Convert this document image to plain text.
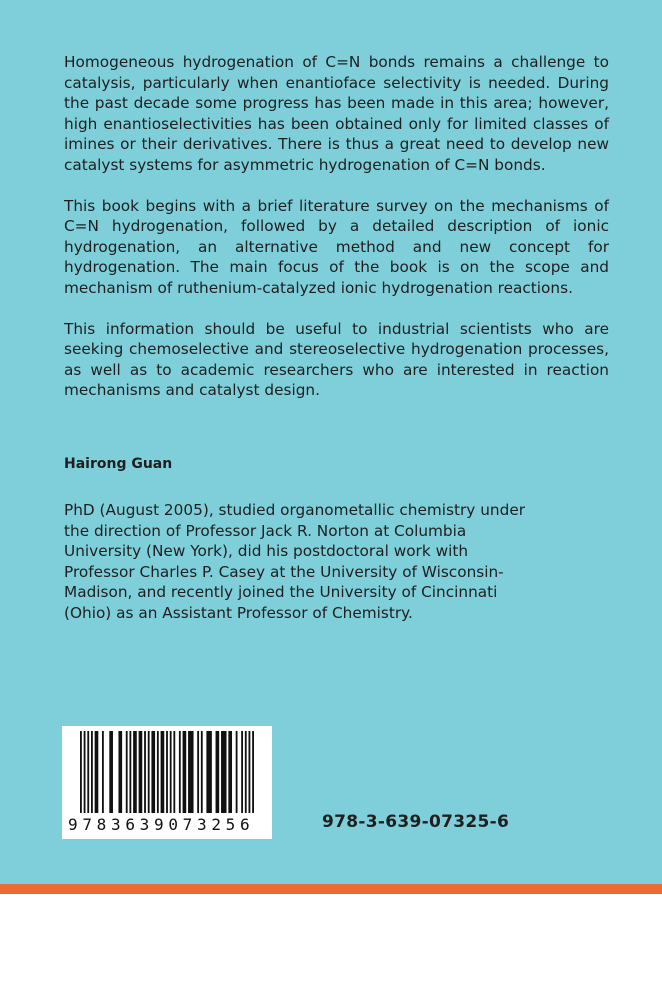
Homogeneous hydrogenation of C=N bonds remains a challenge to catalysis, particularly when enantioface selectivity is needed. During the past decade some progress has been made in this area; however, high enantioselectivities has been obtained only for limited classes of imines or their derivatives. There is thus a great need to develop new catalyst systems for asymmetric hydrogenation of C=N bonds.

This book begins with a brief literature survey on the mechanisms of C=N hydrogenation, followed by a detailed description of ionic hydrogenation, an alternative method and new concept for hydrogenation. The main focus of the book is on the scope and mechanism of ruthenium-catalyzed ionic hydrogenation reactions.

This information should be useful to industrial scientists who are seeking chemoselective and stereoselective hydrogenation processes, as well as to academic researchers who are interested in reaction mechanisms and catalyst design.

Hairong Guan

PhD (August 2005), studied organometallic chemistry under the direction of Professor Jack R. Norton at Columbia University (New York), did his postdoctoral work with Professor Charles P. Casey at the University of Wisconsin-Madison, and recently joined the University of Cincinnati (Ohio) as an Assistant Professor of Chemistry.

9783639073256	978-3-639-07325-6
